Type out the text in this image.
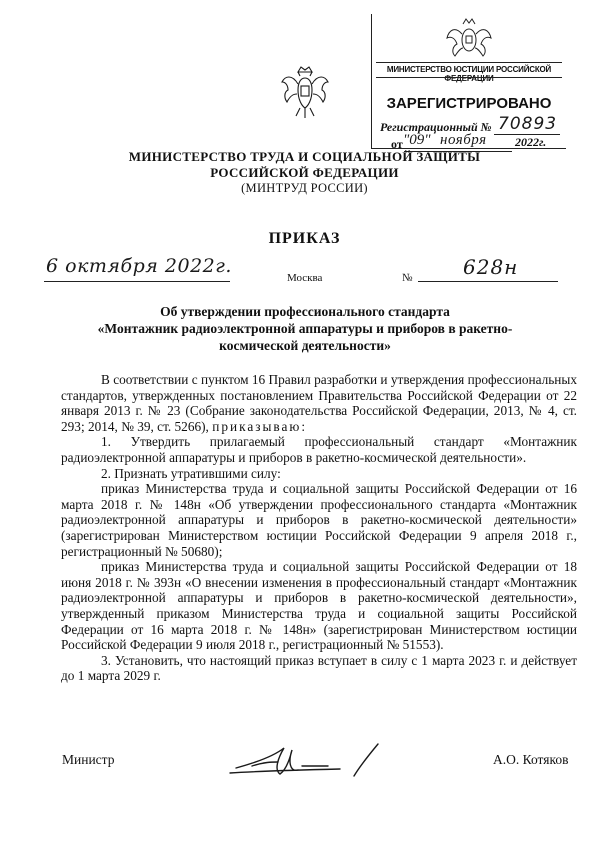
МИНИСТЕРСТВО ЮСТИЦИИ РОССИЙСКОЙ ФЕДЕРАЦИИ
ЗАРЕГИСТРИРОВАНО
Регистрационный № 70893
от "09" ноября 2022г.
МИНИСТЕРСТВО ТРУДА И СОЦИАЛЬНОЙ ЗАЩИТЫ
РОССИЙСКОЙ ФЕДЕРАЦИИ
(МИНТРУД РОССИИ)
ПРИКАЗ
6 октября 2022г.
Москва	№	628н
Об утверждении профессионального стандарта
«Монтажник радиоэлектронной аппаратуры и приборов в ракетно-
космической деятельности»

В соответствии с пунктом 16 Правил разработки и утверждения профессиональных стандартов, утвержденных постановлением Правительства Российской Федерации от 22 января 2013 г. № 23 (Собрание законодательства Российской Федерации, 2013, № 4, ст. 293; 2014, № 39, ст. 5266), приказываю:

1. Утвердить прилагаемый профессиональный стандарт «Монтажник радиоэлектронной аппаратуры и приборов в ракетно-космической деятельности».

2. Признать утратившими силу:

приказ Министерства труда и социальной защиты Российской Федерации от 16 марта 2018 г. № 148н «Об утверждении профессионального стандарта «Монтажник радиоэлектронной аппаратуры и приборов в ракетно-космической деятельности» (зарегистрирован Министерством юстиции Российской Федерации 9 апреля 2018 г., регистрационный № 50680);

приказ Министерства труда и социальной защиты Российской Федерации от 18 июня 2018 г. № 393н «О внесении изменения в профессиональный стандарт «Монтажник радиоэлектронной аппаратуры и приборов в ракетно-космической деятельности», утвержденный приказом Министерства труда и социальной защиты Российской Федерации от 16 марта 2018 г. № 148н» (зарегистрирован Министерством юстиции Российской Федерации 9 июля 2018 г., регистрационный № 51553).

3. Установить, что настоящий приказ вступает в силу с 1 марта 2023 г. и действует до 1 марта 2029 г.

Министр	А.О. Котяков
